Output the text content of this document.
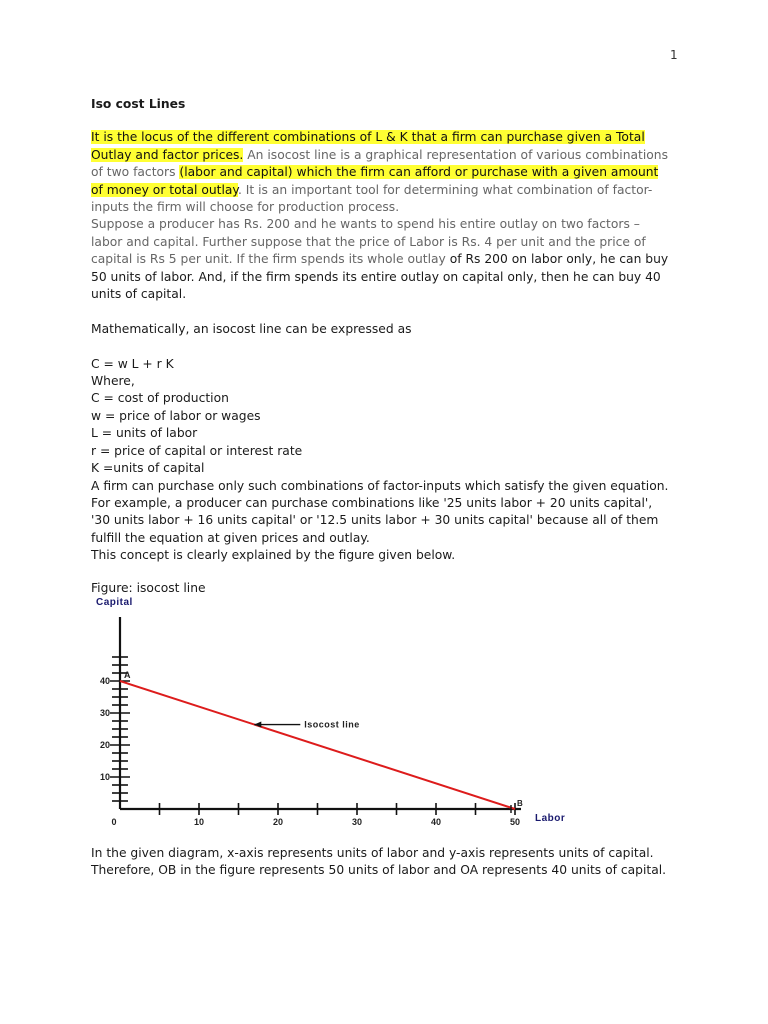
1

Iso cost Lines

It is the locus of the different combinations of L & K that a firm can purchase given a Total Outlay and factor prices. An isocost line is a graphical representation of various combinations of two factors (labor and capital) which the firm can afford or purchase with a given amount of money or total outlay. It is an important tool for determining what combination of factor-inputs the firm will choose for production process.

Suppose a producer has Rs. 200 and he wants to spend his entire outlay on two factors – labor and capital. Further suppose that the price of Labor is Rs. 4 per unit and the price of capital is Rs 5 per unit. If the firm spends its whole outlay of Rs 200 on labor only, he can buy 50 units of labor. And, if the firm spends its entire outlay on capital only, then he can buy 40 units of capital.

Mathematically, an isocost line can be expressed as

C = w L + r K

Where,

C = cost of production

w = price of labor or wages

L = units of labor

r = price of capital or interest rate

K =units of capital

A firm can purchase only such combinations of factor-inputs which satisfy the given equation. For example, a producer can purchase combinations like '25 units labor + 20 units capital', '30 units labor + 16 units capital' or '12.5 units labor + 30 units capital' because all of them fulfill the equation at given prices and outlay.

This concept is clearly explained by the figure given below.

Figure: isocost line

10
20
30
40
10	20	30	40	50
0
Capital
Labor
A
B
Isocost line

In the given diagram, x-axis represents units of labor and y-axis represents units of capital. Therefore, OB in the figure represents 50 units of labor and OA represents 40 units of capital.
